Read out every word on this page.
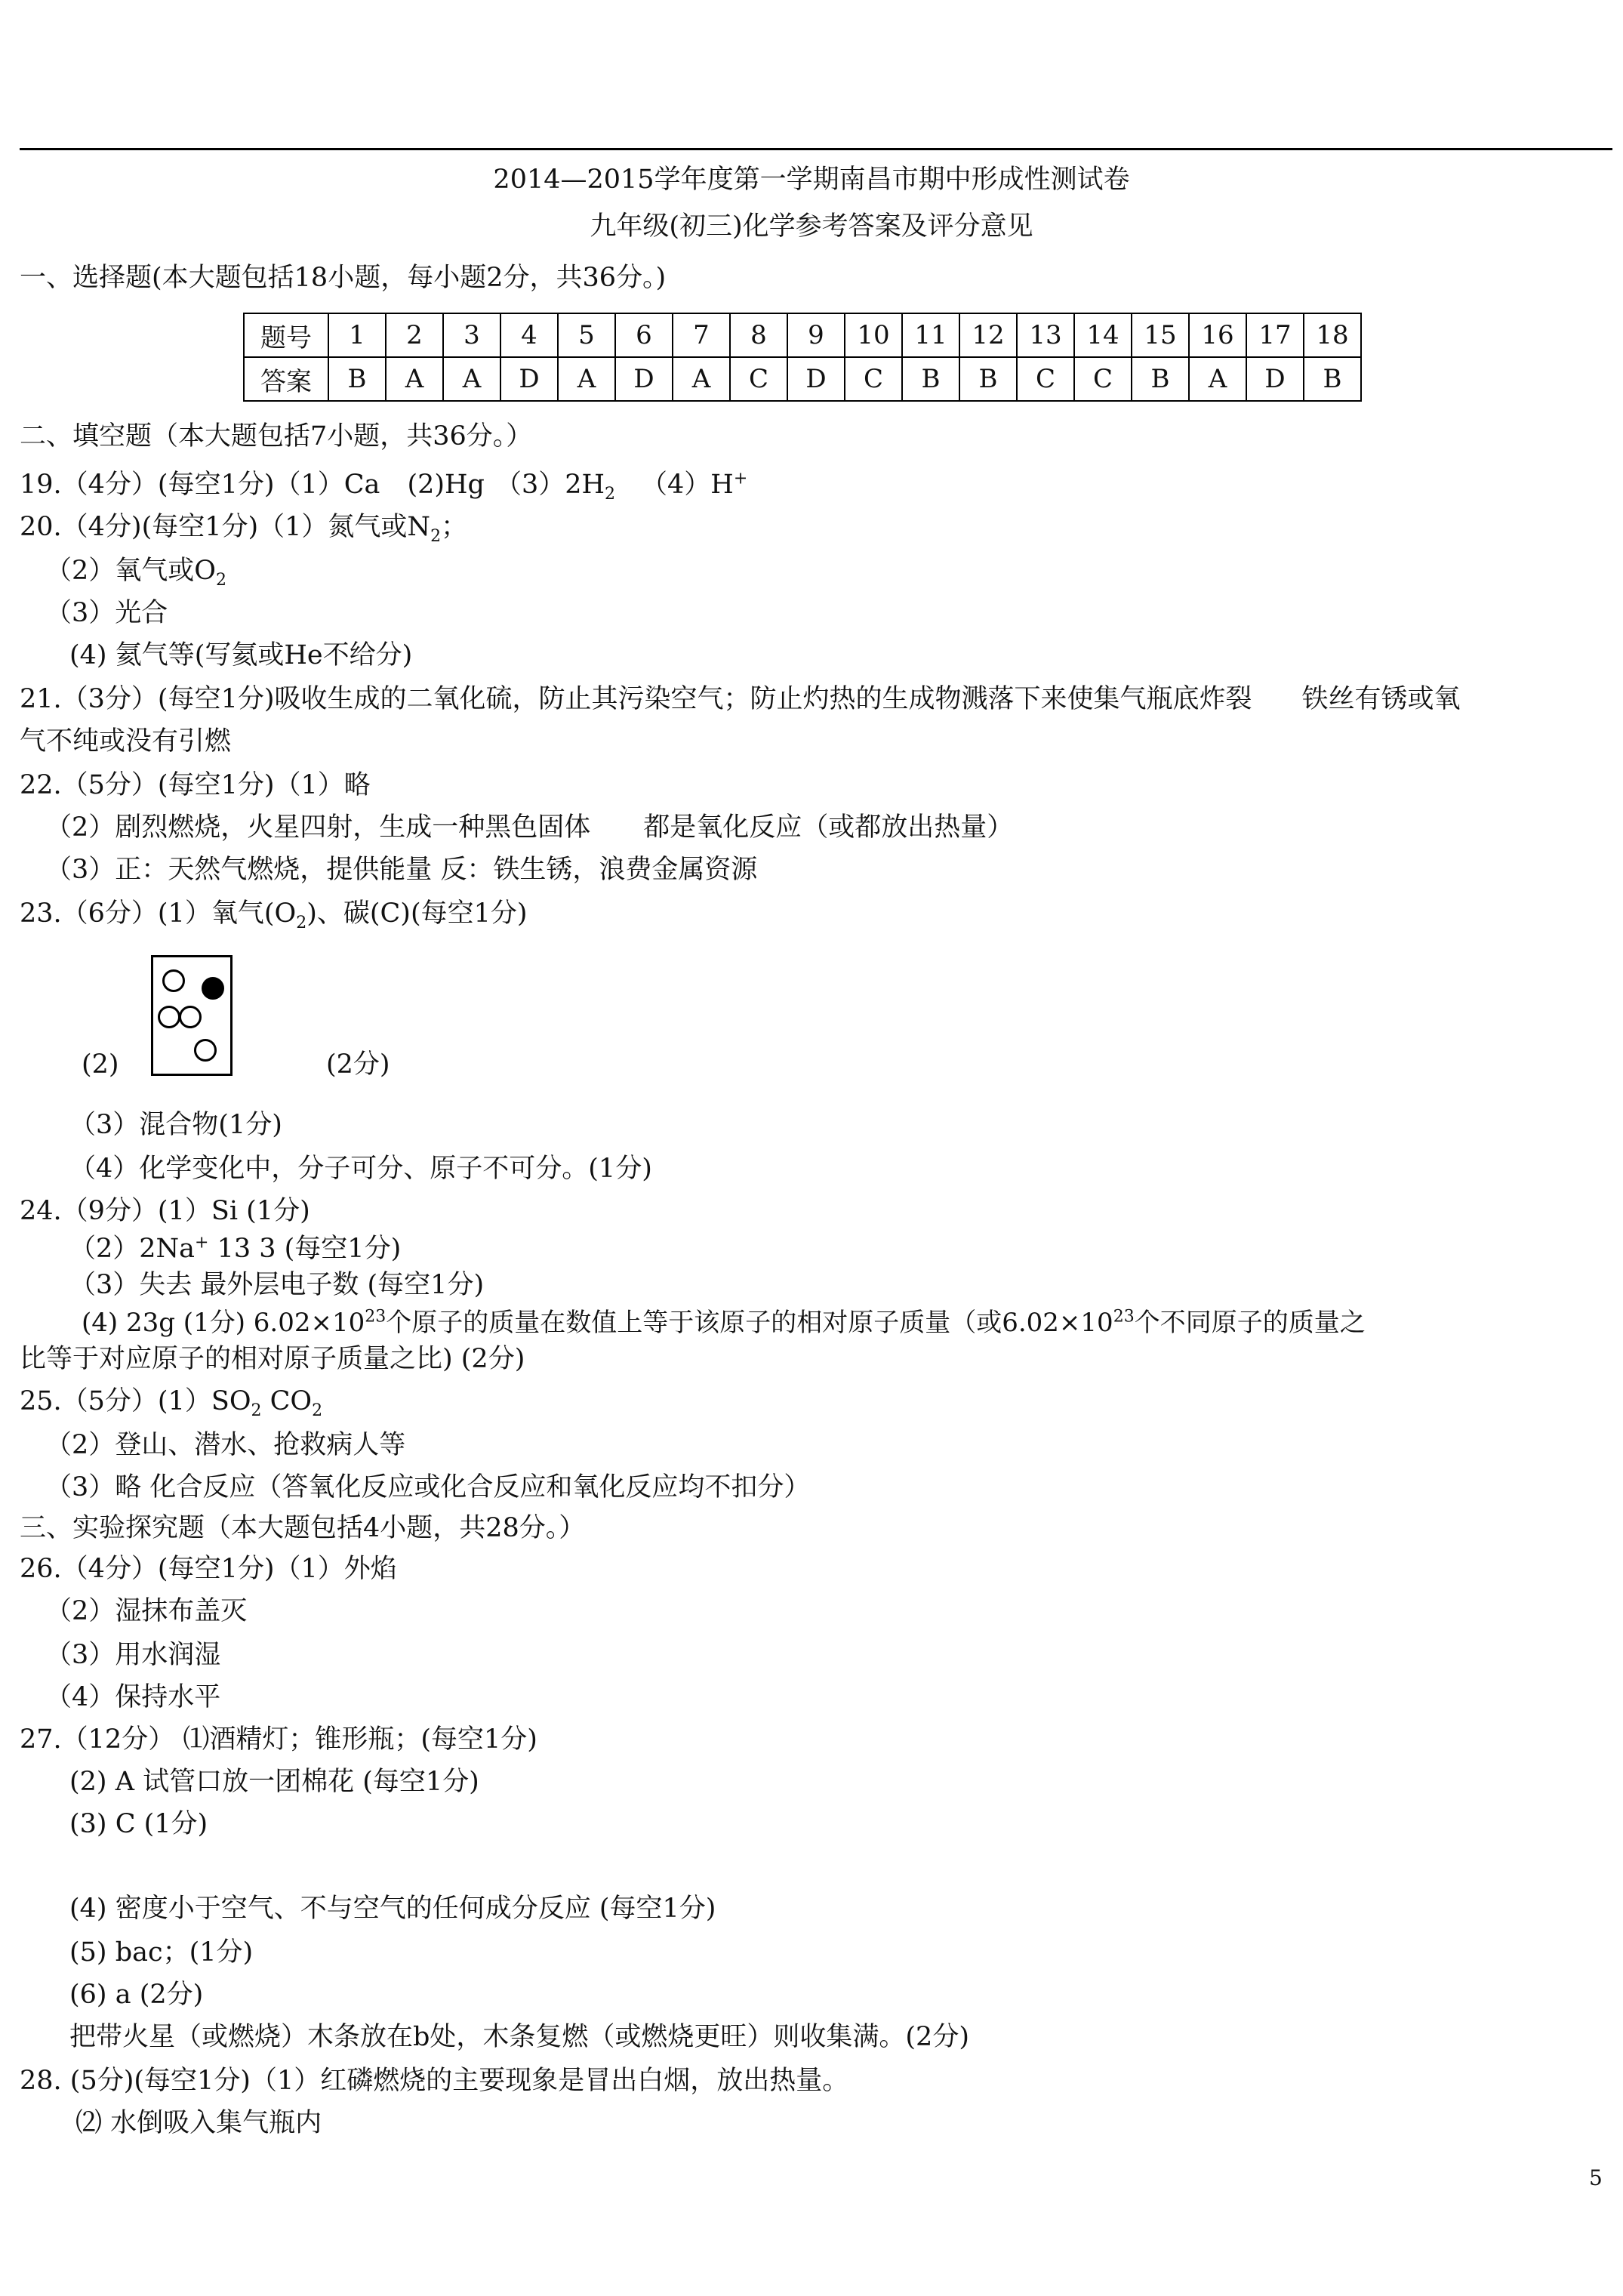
2014—2015学年度第一学期南昌市期中形成性测试卷
九年级(初三)化学参考答案及评分意见
一、选择题(本大题包括18小题，每小题2分，共36分。)
题号	1	2	3	4	5	6	7	8	9	10	11	12	13	14	15	16	17	18
答案	B	A	A	D	A	D	A	C	D	C	B	B	C	C	B	A	D	B
二、填空题（本大题包括7小题，共36分。）
19.（4分）(每空1分)（1）Ca (2)Hg $(3)2H_2$ （4）H+
20.（4分)(每空1分)（1）氮气或$N_2$；
（2）氧气或$O_2$
（3）光合
(4) 氦气等(写氦或He不给分)
21.（3分）(每空1分)吸收生成的二氧化硫，防止其污染空气；防止灼热的生成物溅落下来使集气瓶底炸裂 铁丝有锈或氧
气不纯或没有引燃
22.（5分）(每空1分)（1）略
（2）剧烈燃烧，火星四射，生成一种黑色固体 都是氧化反应（或都放出热量）
（3）正：天然气燃烧，提供能量 反：铁生锈，浪费金属资源
23.（6分）(1）氧气$(O_2)$、碳(C)(每空1分)
(2)	(2分)
（3）混合物(1分)
（4）化学变化中，分子可分、原子不可分。(1分)
24.（9分）(1）Si (1分)
（2）2Na+ 13 3 (每空1分)
（3）失去 最外层电子数 (每空1分)
(4) 23g (1分) $6.02\times 10^{23}$个原子的质量在数值上等于该原子的相对原子质量（或$6.02\times 10^{23}$个不同原子的质量之
比等于对应原子的相对原子质量之比) (2分)
25.（5分）$(1)SO_2$ $CO_2$
（2）登山、潜水、抢救病人等
（3）略 化合反应（答氧化反应或化合反应和氧化反应均不扣分）
三、实验探究题（本大题包括4小题，共28分。）
26.（4分）(每空1分)（1）外焰
（2）湿抹布盖灭
（3）用水润湿
（4）保持水平
27.（12分） ⑴酒精灯；锥形瓶；(每空1分)
(2) A 试管口放一团棉花 (每空1分)
(3) C (1分)
(4) 密度小于空气、不与空气的任何成分反应 (每空1分)
(5) bac；(1分)
(6) a (2分)
把带火星（或燃烧）木条放在b处，木条复燃（或燃烧更旺）则收集满。(2分)
28. (5分)(每空1分)（1）红磷燃烧的主要现象是冒出白烟，放出热量。
⑵ 水倒吸入集气瓶内
5
